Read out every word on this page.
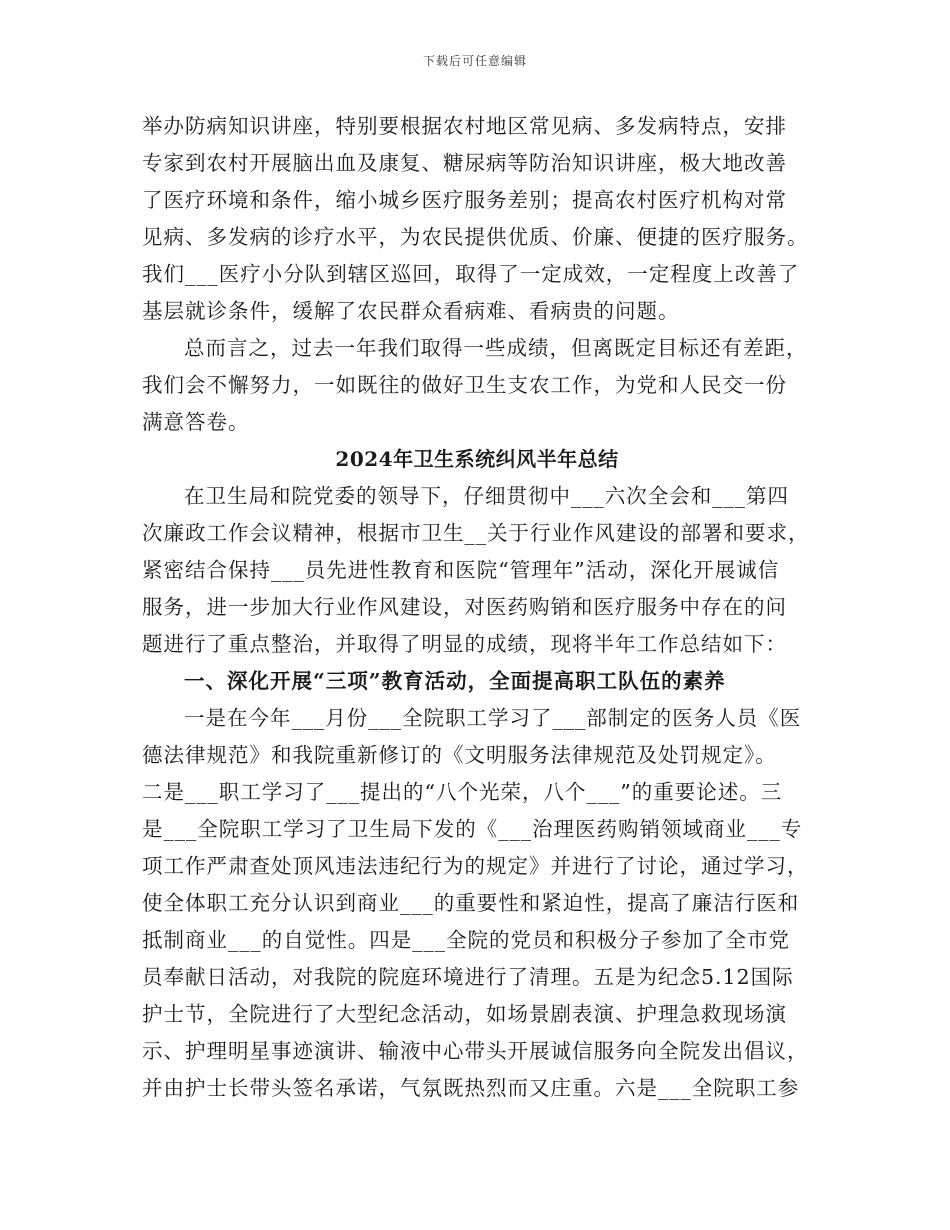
下载后可任意编辑
举办防病知识讲座，特别要根据农村地区常见病、多发病特点，安排
专家到农村开展脑出血及康复、糖尿病等防治知识讲座，极大地改善
了医疗环境和条件，缩小城乡医疗服务差别；提高农村医疗机构对常
见病、多发病的诊疗水平，为农民提供优质、价廉、便捷的医疗服务。
我们___医疗小分队到辖区巡回，取得了一定成效，一定程度上改善了
基层就诊条件，缓解了农民群众看病难、看病贵的问题。
总而言之，过去一年我们取得一些成绩，但离既定目标还有差距，
我们会不懈努力，一如既往的做好卫生支农工作，为党和人民交一份
满意答卷。
2024年卫生系统纠风半年总结
在卫生局和院党委的领导下，仔细贯彻中___六次全会和___第四
次廉政工作会议精神，根据市卫生__关于行业作风建设的部署和要求，
紧密结合保持___员先进性教育和医院“管理年”活动，深化开展诚信
服务，进一步加大行业作风建设，对医药购销和医疗服务中存在的问
题进行了重点整治，并取得了明显的成绩，现将半年工作总结如下：
一、深化开展“三项”教育活动，全面提高职工队伍的素养
一是在今年___月份___全院职工学习了___部制定的医务人员《医
德法律规范》和我院重新修订的《文明服务法律规范及处罚规定》。
二是___职工学习了___提出的“八个光荣，八个___”的重要论述。三
是___全院职工学习了卫生局下发的《___治理医药购销领域商业___专
项工作严肃查处顶风违法违纪行为的规定》并进行了讨论，通过学习，
使全体职工充分认识到商业___的重要性和紧迫性，提高了廉洁行医和
抵制商业___的自觉性。四是___全院的党员和积极分子参加了全市党
员奉献日活动，对我院的院庭环境进行了清理。五是为纪念5.12国际
护士节，全院进行了大型纪念活动，如场景剧表演、护理急救现场演
示、护理明星事迹演讲、输液中心带头开展诚信服务向全院发出倡议，
并由护士长带头签名承诺，气氛既热烈而又庄重。六是___全院职工参
